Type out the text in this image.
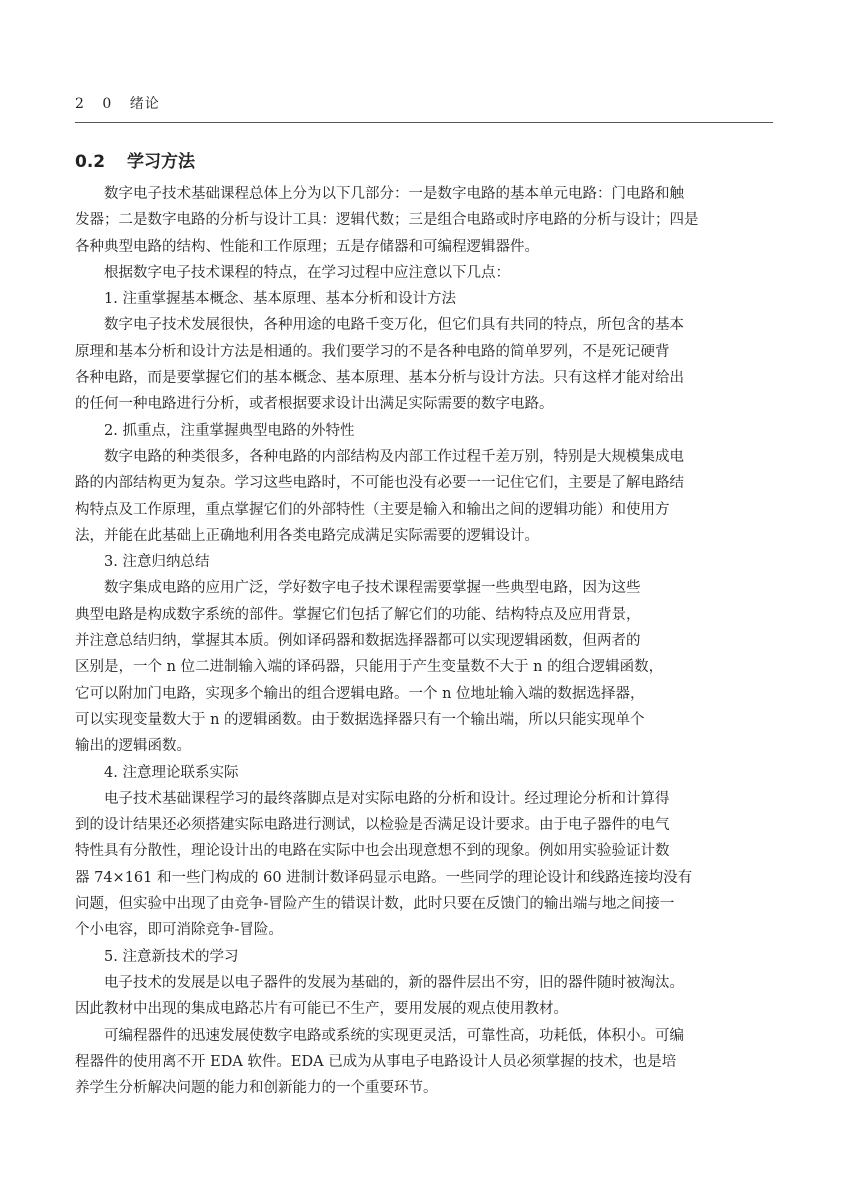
2 0 绪论
0.2 学习方法
　　数字电子技术基础课程总体上分为以下几部分：一是数字电路的基本单元电路：门电路和触
发器；二是数字电路的分析与设计工具：逻辑代数；三是组合电路或时序电路的分析与设计；四是
各种典型电路的结构、性能和工作原理；五是存储器和可编程逻辑器件。
　　根据数字电子技术课程的特点，在学习过程中应注意以下几点：
　　1. 注重掌握基本概念、基本原理、基本分析和设计方法
　　数字电子技术发展很快，各种用途的电路千变万化，但它们具有共同的特点，所包含的基本
原理和基本分析和设计方法是相通的。我们要学习的不是各种电路的简单罗列，不是死记硬背
各种电路，而是要掌握它们的基本概念、基本原理、基本分析与设计方法。只有这样才能对给出
的任何一种电路进行分析，或者根据要求设计出满足实际需要的数字电路。
　　2. 抓重点，注重掌握典型电路的外特性
　　数字电路的种类很多，各种电路的内部结构及内部工作过程千差万别，特别是大规模集成电
路的内部结构更为复杂。学习这些电路时，不可能也没有必要一一记住它们，主要是了解电路结
构特点及工作原理，重点掌握它们的外部特性（主要是输入和输出之间的逻辑功能）和使用方
法，并能在此基础上正确地利用各类电路完成满足实际需要的逻辑设计。
　　3. 注意归纳总结
　　数字集成电路的应用广泛，学好数字电子技术课程需要掌握一些典型电路，因为这些
典型电路是构成数字系统的部件。掌握它们包括了解它们的功能、结构特点及应用背景，
并注意总结归纳，掌握其本质。例如译码器和数据选择器都可以实现逻辑函数，但两者的
区别是，一个 n 位二进制输入端的译码器，只能用于产生变量数不大于 n 的组合逻辑函数，
它可以附加门电路，实现多个输出的组合逻辑电路。一个 n 位地址输入端的数据选择器，
可以实现变量数大于 n 的逻辑函数。由于数据选择器只有一个输出端，所以只能实现单个
输出的逻辑函数。
　　4. 注意理论联系实际
　　电子技术基础课程学习的最终落脚点是对实际电路的分析和设计。经过理论分析和计算得
到的设计结果还必须搭建实际电路进行测试，以检验是否满足设计要求。由于电子器件的电气
特性具有分散性，理论设计出的电路在实际中也会出现意想不到的现象。例如用实验验证计数
器 74×161 和一些门构成的 60 进制计数译码显示电路。一些同学的理论设计和线路连接均没有
问题，但实验中出现了由竞争-冒险产生的错误计数，此时只要在反馈门的输出端与地之间接一
个小电容，即可消除竞争-冒险。
　　5. 注意新技术的学习
　　电子技术的发展是以电子器件的发展为基础的，新的器件层出不穷，旧的器件随时被淘汰。
因此教材中出现的集成电路芯片有可能已不生产，要用发展的观点使用教材。
　　可编程器件的迅速发展使数字电路或系统的实现更灵活，可靠性高，功耗低，体积小。可编
程器件的使用离不开 EDA 软件。EDA 已成为从事电子电路设计人员必须掌握的技术，也是培
养学生分析解决问题的能力和创新能力的一个重要环节。
